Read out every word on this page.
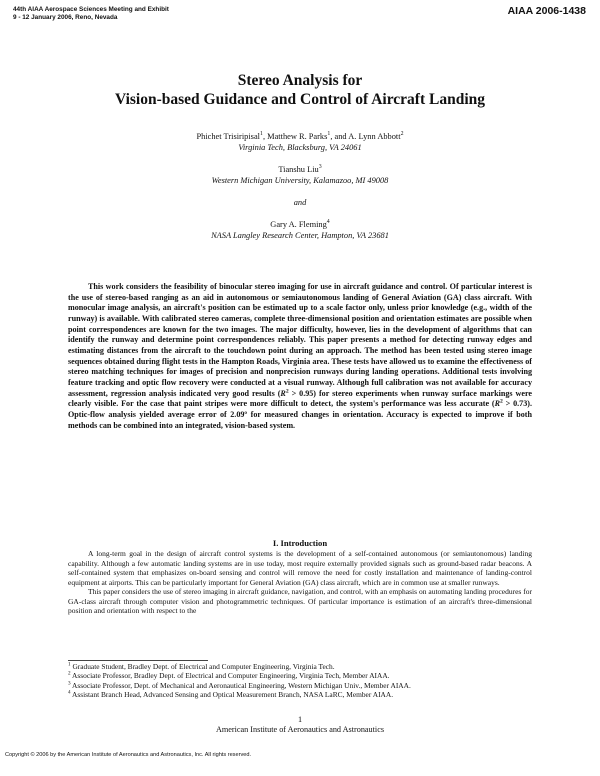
44th AIAA Aerospace Sciences Meeting and Exhibit
9 - 12 January 2006, Reno, Nevada
AIAA 2006-1438
Stereo Analysis for
Vision-based Guidance and Control of Aircraft Landing
Phichet Trisiripisal$^1$, Matthew R. Parks$^1$, and A. Lynn Abbott$^2$
Virginia Tech, Blacksburg, VA 24061
Tianshu Liu$^3$
Western Michigan University, Kalamazoo, MI 49008
and
Gary A. Fleming$^4$
NASA Langley Research Center, Hampton, VA 23681

This work considers the feasibility of binocular stereo imaging for use in aircraft guidance and control. Of particular interest is the use of stereo-based ranging as an aid in autonomous or semiautonomous landing of General Aviation (GA) class aircraft. With monocular image analysis, an aircraft's position can be estimated up to a scale factor only, unless prior knowledge (e.g., width of the runway) is available. With calibrated stereo cameras, complete three-dimensional position and orientation estimates are possible when point correspondences are known for the two images. The major difficulty, however, lies in the development of algorithms that can identify the runway and determine point correspondences reliably. This paper presents a method for detecting runway edges and estimating distances from the aircraft to the touchdown point during an approach. The method has been tested using stereo image sequences obtained during flight tests in the Hampton Roads, Virginia area. These tests have allowed us to examine the effectiveness of stereo matching techniques for images of precision and nonprecision runways during landing operations. Additional tests involving feature tracking and optic flow recovery were conducted at a visual runway. Although full calibration was not available for accuracy assessment, regression analysis indicated very good results $(R^2 > 0.95)$ for stereo experiments when runway surface markings were clearly visible. For the case that paint stripes were more difficult to detect, the system's performance was less accurate $(R^2 > 0.73)$. Optic-flow analysis yielded average error of 2.09º for measured changes in orientation. Accuracy is expected to improve if both methods can be combined into an integrated, vision-based system.

I. Introduction

A long-term goal in the design of aircraft control systems is the development of a self-contained autonomous (or semiautonomous) landing capability. Although a few automatic landing systems are in use today, most require externally provided signals such as ground-based radar beacons. A self-contained system that emphasizes on-board sensing and control will remove the need for costly installation and maintenance of landing-control equipment at airports. This can be particularly important for General Aviation (GA) class aircraft, which are in common use at smaller runways.

This paper considers the use of stereo imaging in aircraft guidance, navigation, and control, with an emphasis on automating landing procedures for GA-class aircraft through computer vision and photogrammetric techniques. Of particular importance is estimation of an aircraft's three-dimensional position and orientation with respect to the

$^1$ Graduate Student, Bradley Dept. of Electrical and Computer Engineering, Virginia Tech.
$^2$ Associate Professor, Bradley Dept. of Electrical and Computer Engineering, Virginia Tech, Member AIAA.
$^3$ Associate Professor, Dept. of Mechanical and Aeronautical Engineering, Western Michigan Univ., Member AIAA.
$^4$ Assistant Branch Head, Advanced Sensing and Optical Measurement Branch, NASA LaRC, Member AIAA.
1
American Institute of Aeronautics and Astronautics
Copyright © 2006 by the American Institute of Aeronautics and Astronautics, Inc. All rights reserved.
